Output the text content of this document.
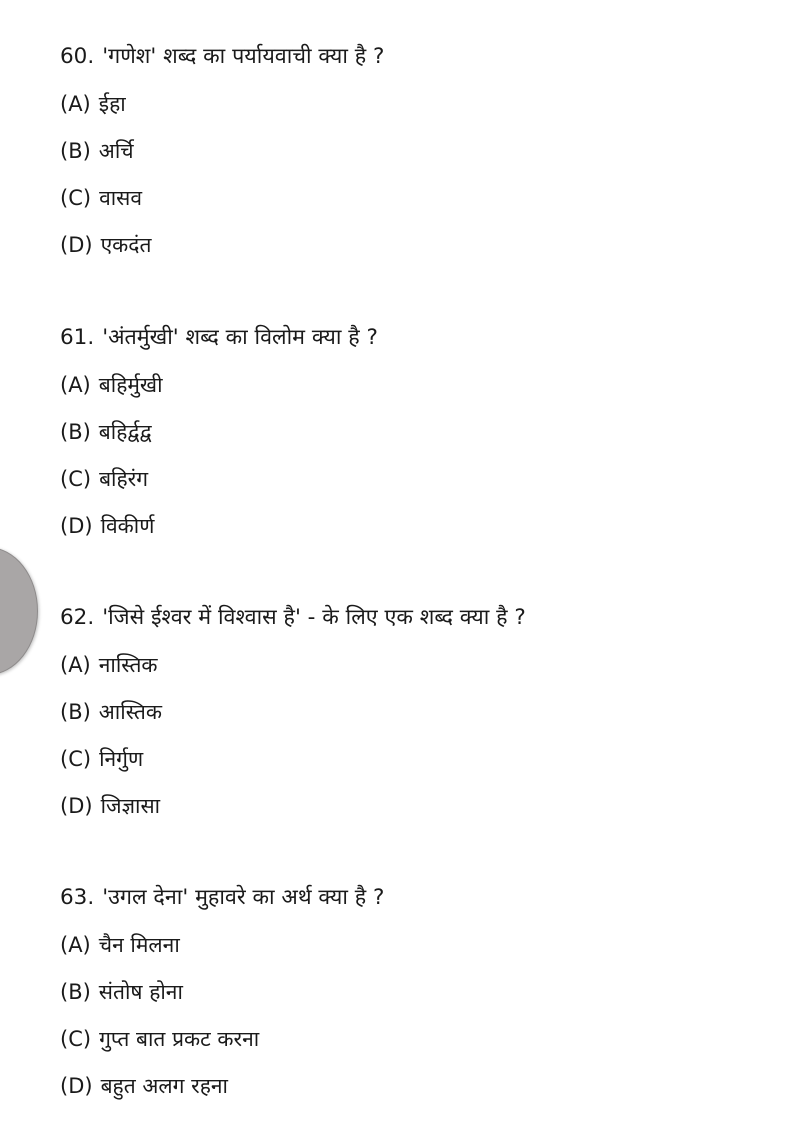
60. 'गणेश' शब्द का पर्यायवाची क्या है ?
(A) ईहा
(B) अर्चि
(C) वासव
(D) एकदंत
61. 'अंतर्मुखी' शब्द का विलोम क्या है ?
(A) बहिर्मुखी
(B) बहिर्द्वद्व
(C) बहिरंग
(D) विकीर्ण
62. 'जिसे ईश्वर में विश्वास है' - के लिए एक शब्द क्या है ?
(A) नास्तिक
(B) आस्तिक
(C) निर्गुण
(D) जिज्ञासा
63. 'उगल देना' मुहावरे का अर्थ क्या है ?
(A) चैन मिलना
(B) संतोष होना
(C) गुप्त बात प्रकट करना
(D) बहुत अलग रहना
